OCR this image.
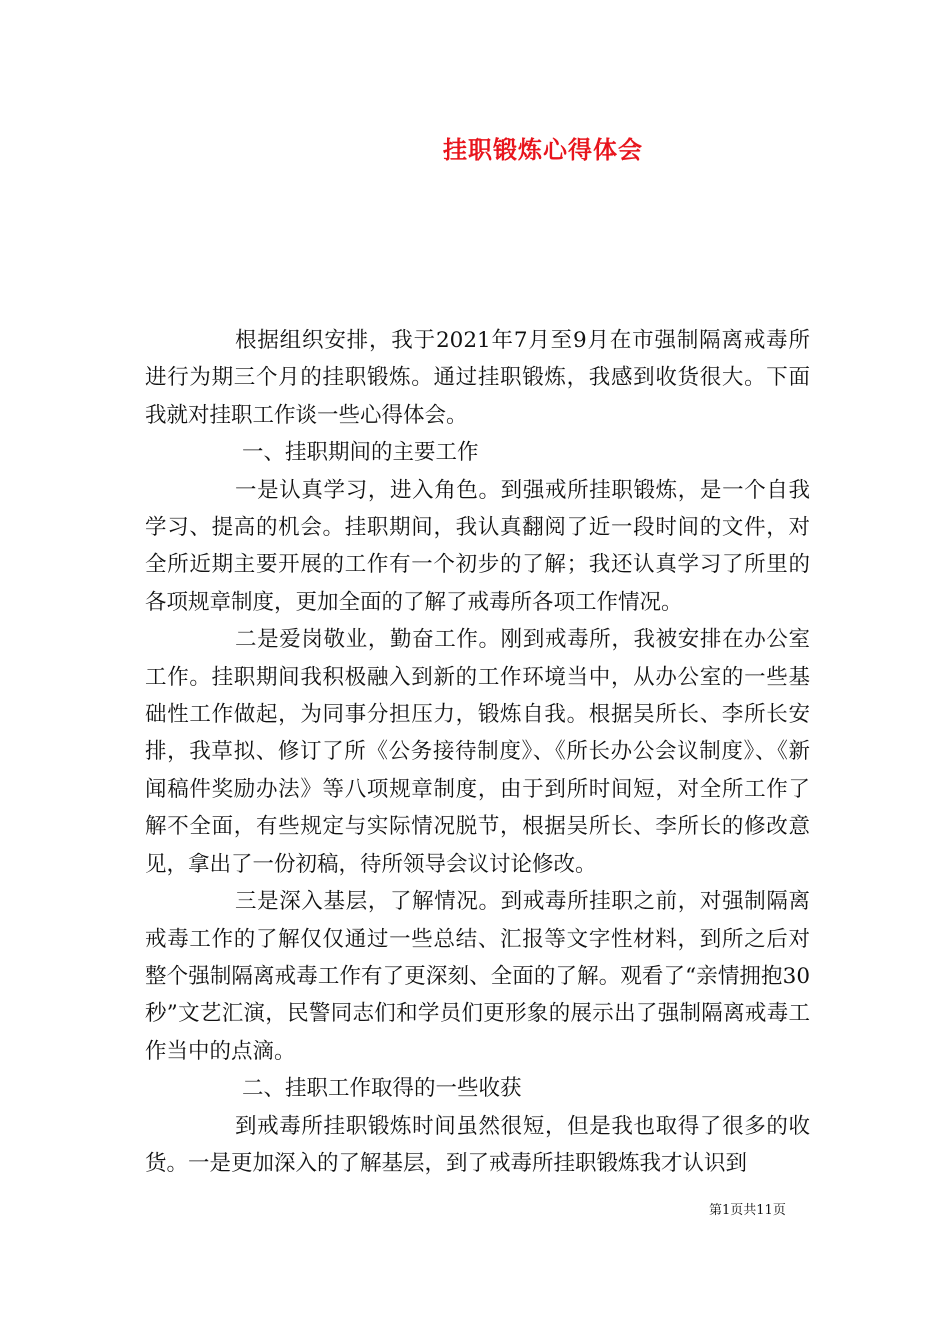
挂职锻炼心得体会

根据组织安排，我于2021年7月至9月在市强制隔离戒毒所进行为期三个月的挂职锻炼。通过挂职锻炼，我感到收货很大。下面我就对挂职工作谈一些心得体会。

一、挂职期间的主要工作

一是认真学习，进入角色。到强戒所挂职锻炼，是一个自我学习、提高的机会。挂职期间，我认真翻阅了近一段时间的文件，对全所近期主要开展的工作有一个初步的了解；我还认真学习了所里的各项规章制度，更加全面的了解了戒毒所各项工作情况。

二是爱岗敬业，勤奋工作。刚到戒毒所，我被安排在办公室工作。挂职期间我积极融入到新的工作环境当中，从办公室的一些基础性工作做起，为同事分担压力，锻炼自我。根据吴所长、李所长安排，我草拟、修订了所《公务接待制度》、《所长办公会议制度》、《新闻稿件奖励办法》等八项规章制度，由于到所时间短，对全所工作了解不全面，有些规定与实际情况脱节，根据吴所长、李所长的修改意见，拿出了一份初稿，待所领导会议讨论修改。

三是深入基层，了解情况。到戒毒所挂职之前，对强制隔离戒毒工作的了解仅仅通过一些总结、汇报等文字性材料，到所之后对整个强制隔离戒毒工作有了更深刻、全面的了解。观看了“亲情拥抱30秒”文艺汇演，民警同志们和学员们更形象的展示出了强制隔离戒毒工作当中的点滴。

二、挂职工作取得的一些收获

到戒毒所挂职锻炼时间虽然很短，但是我也取得了很多的收货。一是更加深入的了解基层，到了戒毒所挂职锻炼我才认识到

第1页共11页
